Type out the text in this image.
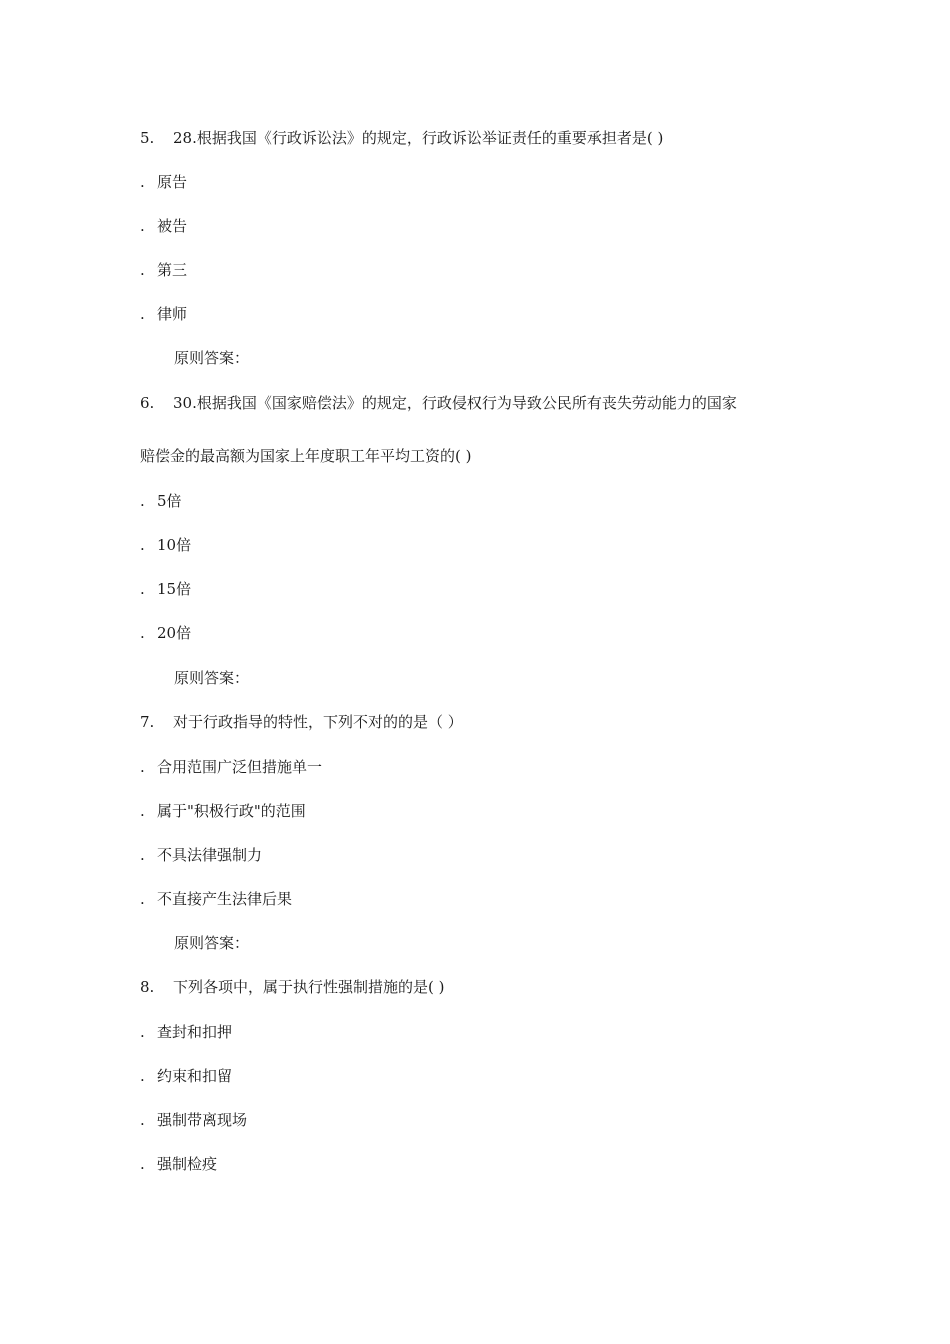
5. 28.根据我国《行政诉讼法》的规定，行政诉讼举证责任的重要承担者是( )
. 原告
. 被告
. 第三
. 律师
原则答案：
6. 30.根据我国《国家赔偿法》的规定，行政侵权行为导致公民所有丧失劳动能力的国家
赔偿金的最高额为国家上年度职工年平均工资的( )
. 5倍
. 10倍
. 15倍
. 20倍
原则答案：
7. 对于行政指导的特性，下列不对的的是（ ）
. 合用范围广泛但措施单一
. 属于"积极行政"的范围
. 不具法律强制力
. 不直接产生法律后果
原则答案：
8. 下列各项中，属于执行性强制措施的是( )
. 查封和扣押
. 约束和扣留
. 强制带离现场
. 强制检疫
